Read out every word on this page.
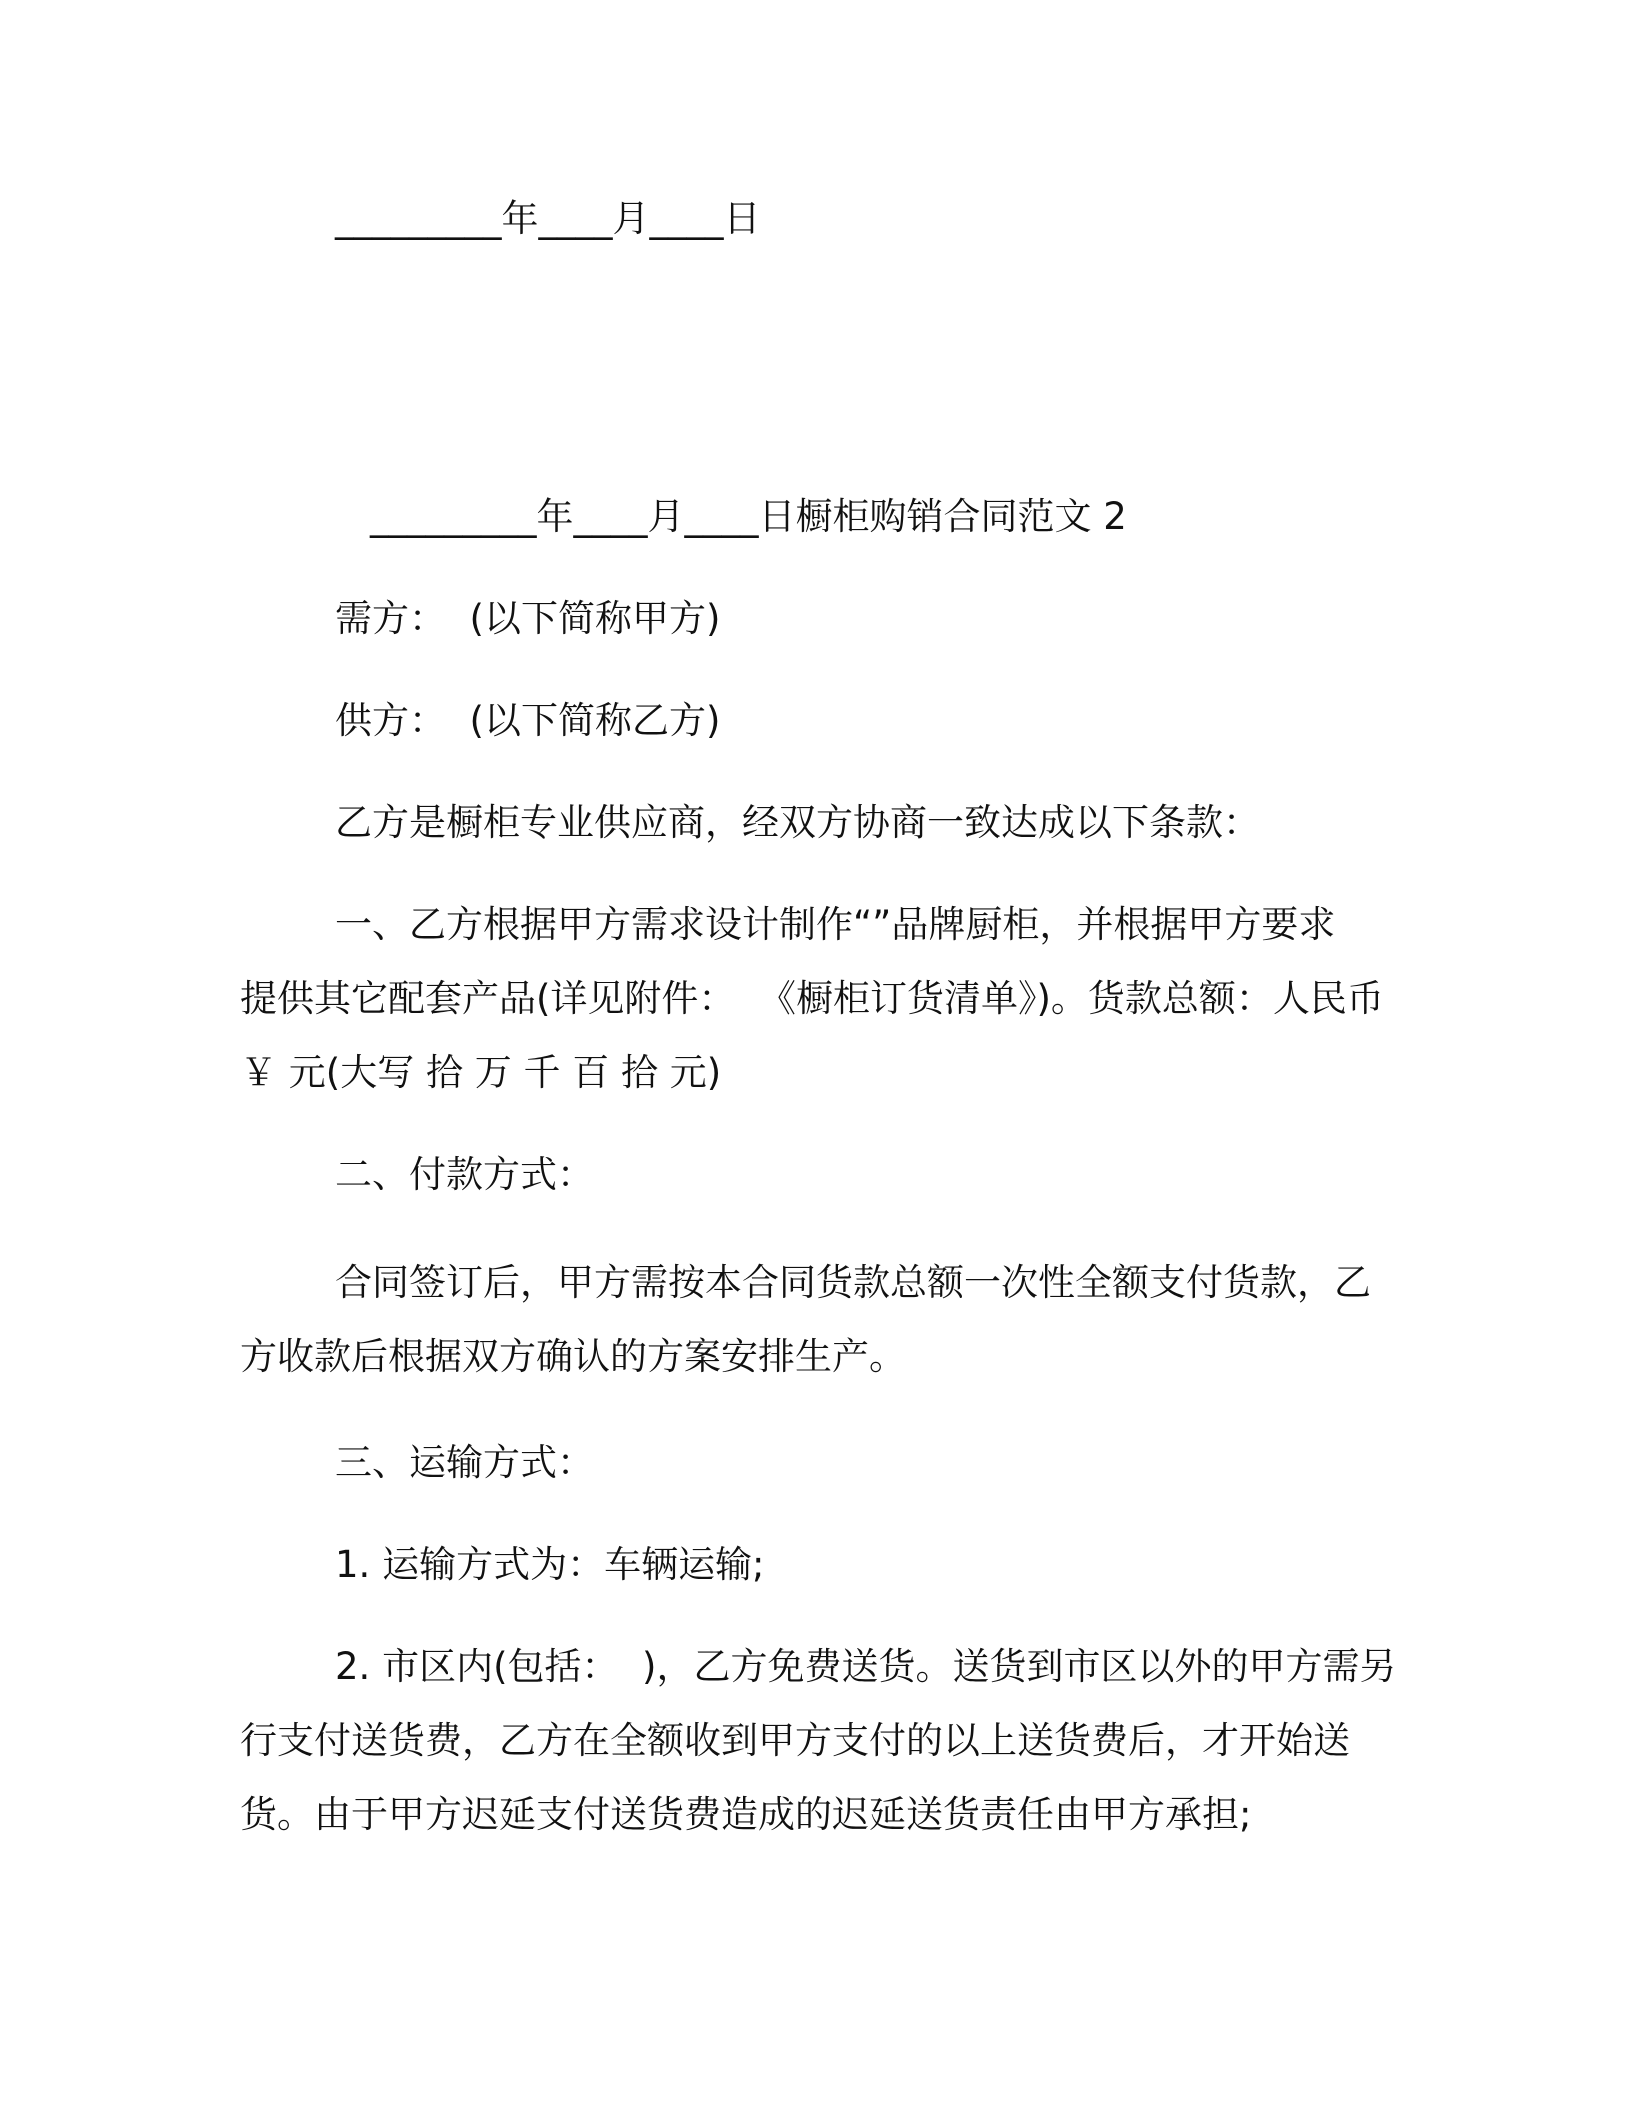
_________年____月____日
_________年____月____日橱柜购销合同范文 2
需方：  (以下简称甲方)
供方：  (以下简称乙方)
乙方是橱柜专业供应商，经双方协商一致达成以下条款：
一、乙方根据甲方需求设计制作“”品牌厨柜，并根据甲方要求
提供其它配套产品(详见附件：  《橱柜订货清单》)。货款总额：人民币
￥ 元(大写 拾 万 千 百 拾 元)
二、付款方式：
合同签订后，甲方需按本合同货款总额一次性全额支付货款，乙
方收款后根据双方确认的方案安排生产。
三、运输方式：
1. 运输方式为：车辆运输;
2. 市区内(包括：  )，乙方免费送货。送货到市区以外的甲方需另
行支付送货费，乙方在全额收到甲方支付的以上送货费后，才开始送
货。由于甲方迟延支付送货费造成的迟延送货责任由甲方承担;
